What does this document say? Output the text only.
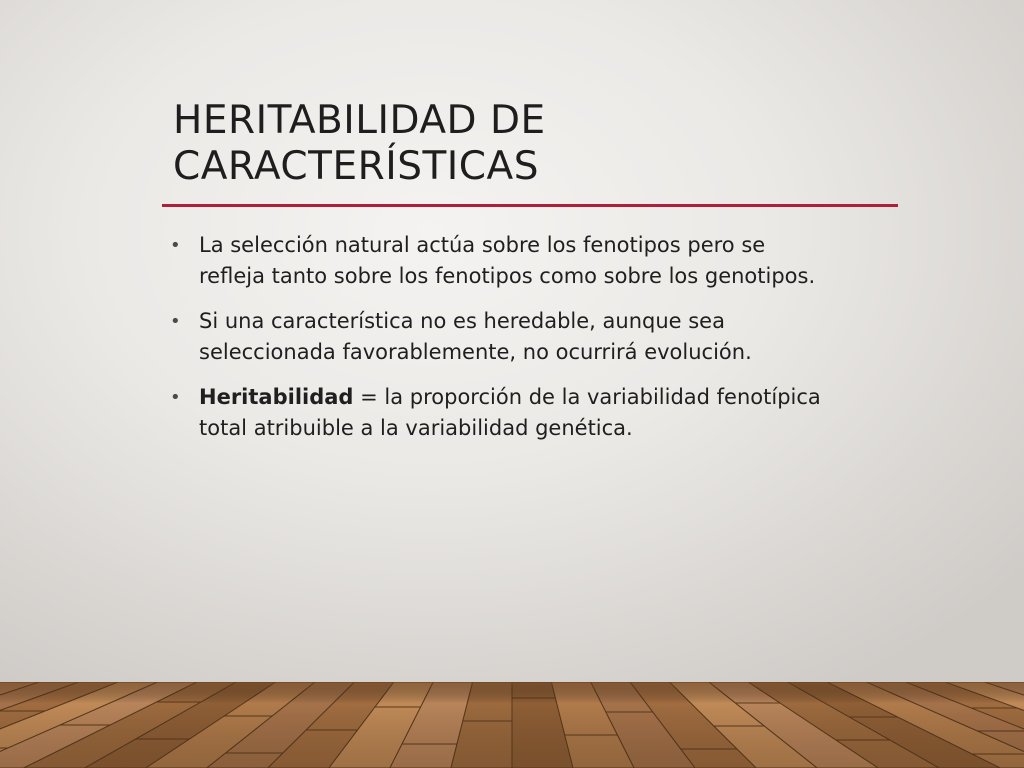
HERITABILIDAD DE
CARACTERÍSTICAS
• La selección natural actúa sobre los fenotipos pero se
refleja tanto sobre los fenotipos como sobre los genotipos.
• Si una característica no es heredable, aunque sea
seleccionada favorablemente, no ocurrirá evolución.
• Heritabilidad = la proporción de la variabilidad fenotípica
total atribuible a la variabilidad genética.
